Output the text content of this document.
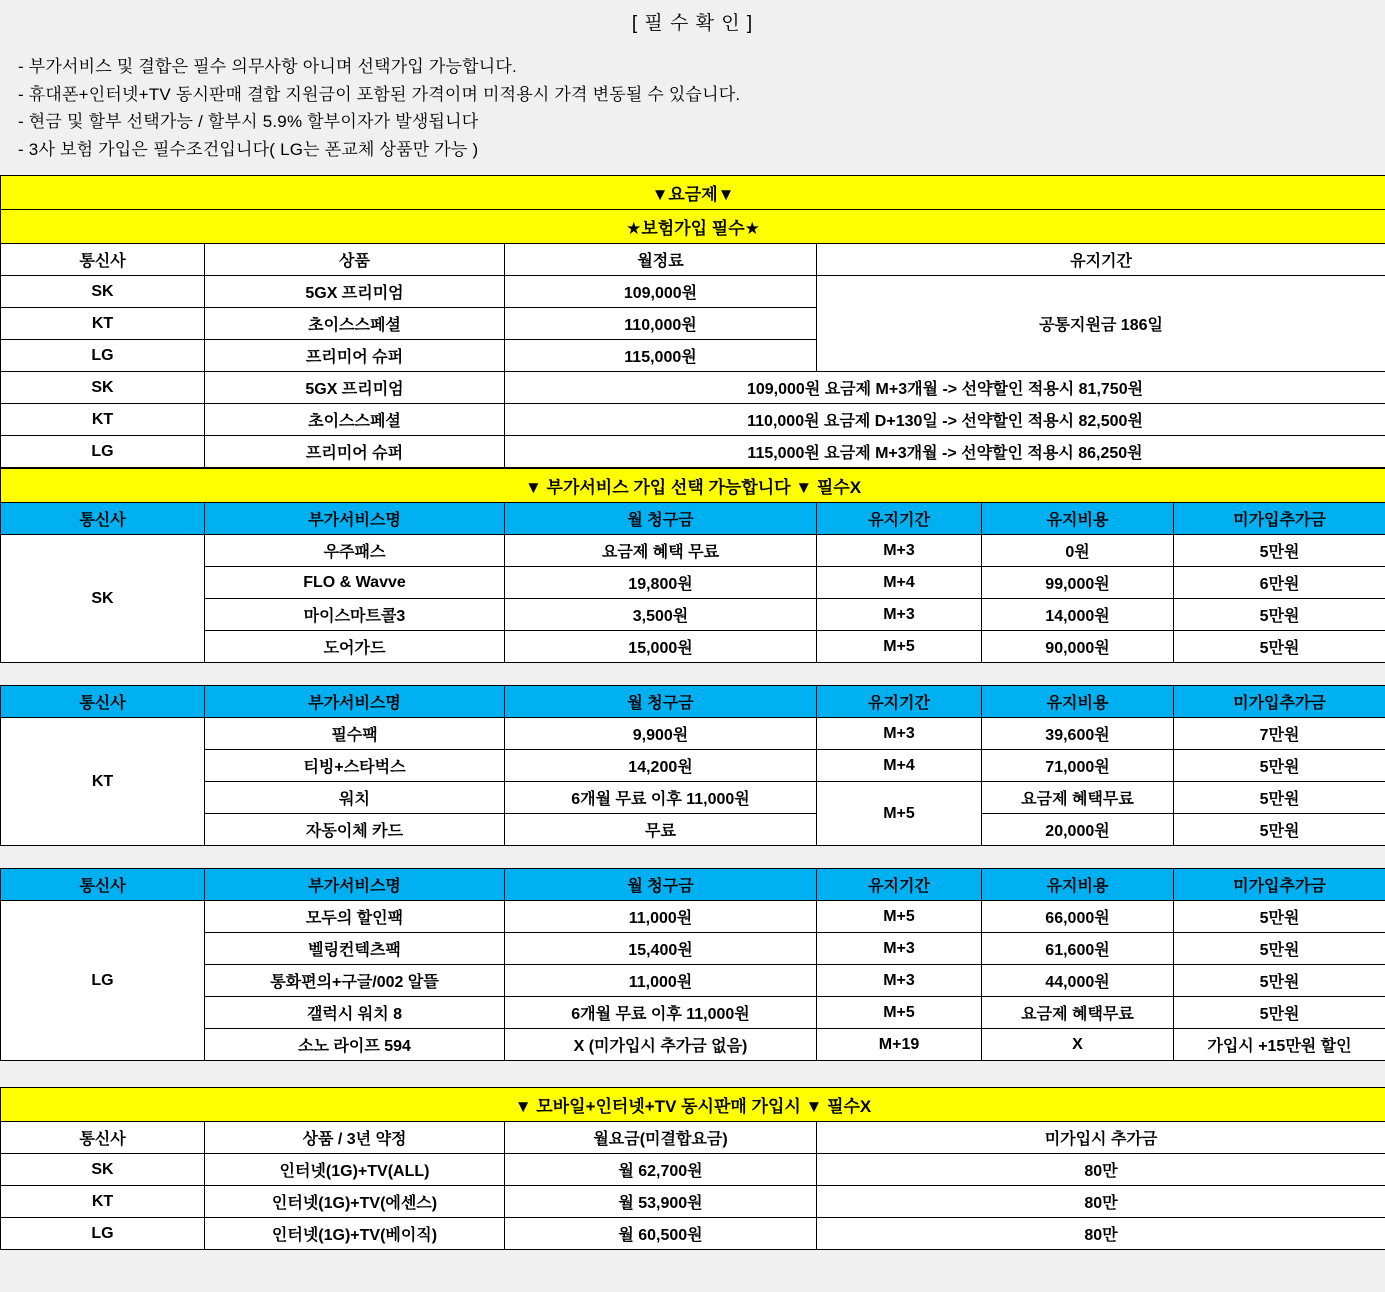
[ 필 수 확 인 ]
- 부가서비스 및 결합은 필수 의무사항 아니며 선택가입 가능합니다.
- 휴대폰+인터넷+TV 동시판매 결합 지원금이 포함된 가격이며 미적용시 가격 변동될 수 있습니다.
- 현금 및 할부 선택가능 / 할부시 5.9% 할부이자가 발생됩니다
- 3사 보험 가입은 필수조건입니다( LG는 폰교체 상품만 가능 )
▼요금제▼			
★보험가입 필수★			
통신사	상품	월정료	유지기간
SK	5GX 프리미엄	109,000원	공통지원금 186일
KT	초이스스페셜	110,000원	
LG	프리미어 슈퍼	115,000원	
SK	5GX 프리미엄	109,000원 요금제 M+3개월 -> 선약할인 적용시 81,750원	
KT	초이스스페셜	110,000원 요금제 D+130일 -> 선약할인 적용시 82,500원	
LG	프리미어 슈퍼	115,000원 요금제 M+3개월 -> 선약할인 적용시 86,250원	
▼ 부가서비스 가입 선택 가능합니다 ▼ 필수X					
통신사	부가서비스명	월 청구금	유지기간	유지비용	미가입추가금
SK	우주패스	요금제 혜택 무료	M+3	0원	5만원
	FLO & Wavve	19,800원	M+4	99,000원	6만원
	마이스마트콜3	3,500원	M+3	14,000원	5만원
	도어가드	15,000원	M+5	90,000원	5만원
통신사	부가서비스명	월 청구금	유지기간	유지비용	미가입추가금
KT	필수팩	9,900원	M+3	39,600원	7만원
	티빙+스타벅스	14,200원	M+4	71,000원	5만원
	워치	6개월 무료 이후 11,000원	M+5	요금제 혜택무료	5만원
	자동이체 카드	무료		20,000원	5만원
통신사	부가서비스명	월 청구금	유지기간	유지비용	미가입추가금
LG	모두의 할인팩	11,000원	M+5	66,000원	5만원
	벨링컨텍츠팩	15,400원	M+3	61,600원	5만원
	통화편의+구글/002 알뜰	11,000원	M+3	44,000원	5만원
	갤럭시 워치 8	6개월 무료 이후 11,000원	M+5	요금제 혜택무료	5만원
	소노 라이프 594	X (미가입시 추가금 없음)	M+19	X	가입시 +15만원 할인
▼ 모바일+인터넷+TV 동시판매 가입시 ▼ 필수X			
통신사	상품 / 3년 약정	월요금(미결합요금)	미가입시 추가금
SK	인터넷(1G)+TV(ALL)	월 62,700원	80만
KT	인터넷(1G)+TV(에센스)	월 53,900원	80만
LG	인터넷(1G)+TV(베이직)	월 60,500원	80만
